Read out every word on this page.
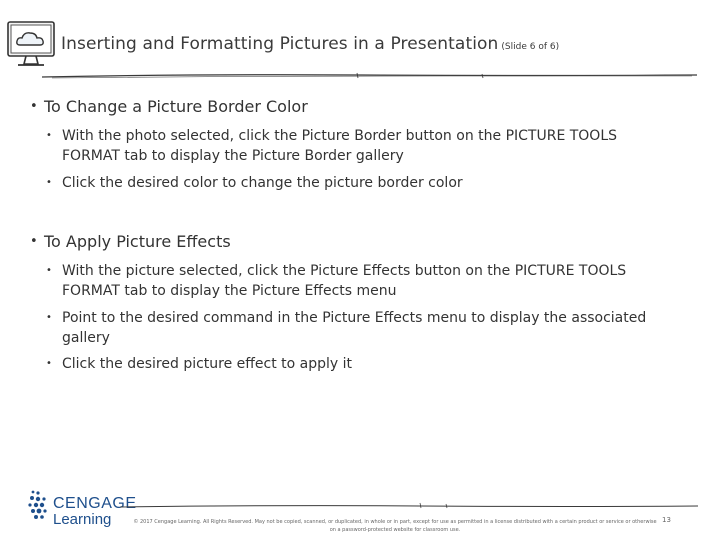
Inserting and Formatting Pictures in a Presentation (Slide 6 of 6)
• To Change a Picture Border Color
• With the photo selected, click the Picture Border button on the PICTURE TOOLS FORMAT tab to display the Picture Border gallery
• Click the desired color to change the picture border color
• To Apply Picture Effects
• With the picture selected, click the Picture Effects button on the PICTURE TOOLS FORMAT tab to display the Picture Effects menu
• Point to the desired command in the Picture Effects menu to display the associated gallery
• Click the desired picture effect to apply it
CENGAGE
Learning	© 2017 Cengage Learning. All Rights Reserved. May not be copied, scanned, or duplicated, in whole or in part, except for use as permitted in a license distributed with a certain product or service or otherwise on a password-protected website for classroom use.
13
